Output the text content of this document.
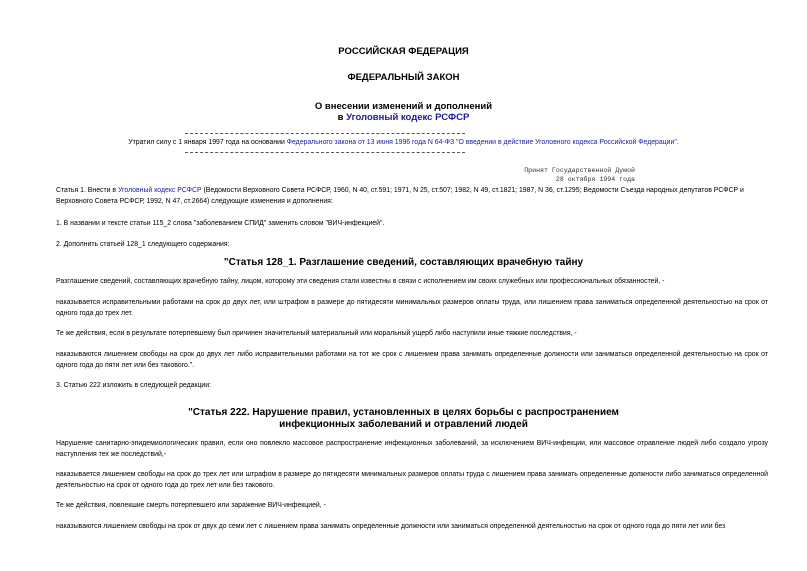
РОССИЙСКАЯ ФЕДЕРАЦИЯ
ФЕДЕРАЛЬНЫЙ ЗАКОН
О внесении изменений и дополнений
в Уголовный кодекс РСФСР
Утратил силу с 1 января 1997 года на основании Федерального закона от 13 июня 1996 года N 64-ФЗ "О введении в действие Уголовного кодекса Российской Федерации".
Принят Государственной Думой
28 октября 1994 года
Статья 1. Внести в Уголовный кодекс РСФСР (Ведомости Верховного Совета РСФСР, 1960, N 40, ст.591; 1971, N 25, ст.507; 1982, N 49, ст.1821; 1987, N 36, ст.1295; Ведомости Съезда народных депутатов РСФСР и Верховного Совета РСФСР, 1992, N 47, ст.2664) следующие изменения и дополнения:
1. В названии и тексте статьи 115_2 слова "заболеванием СПИД" заменить словом "ВИЧ-инфекцией".
2. Дополнить статьей 128_1 следующего содержания:
"Статья 128_1. Разглашение сведений, составляющих врачебную тайну
Разглашение сведений, составляющих врачебную тайну, лицом, которому эти сведения стали известны в связи с исполнением им своих служебных или профессиональных обязанностей, -
наказывается исправительными работами на срок до двух лет, или штрафом в размере до пятидесяти минимальных размеров оплаты труда, или лишением права заниматься определенной деятельностью на срок от одного года до трех лет.
Те же действия, если в результате потерпевшему был причинен значительный материальный или моральный ущерб либо наступили иные тяжкие последствия, -
наказываются лишением свободы на срок до двух лет либо исправительными работами на тот же срок с лишением права занимать определенные должности или заниматься определенной деятельностью на срок от одного года до пяти лет или без такового.".
3. Статью 222 изложить в следующей редакции:
"Статья 222. Нарушение правил, установленных в целях борьбы с распространением
инфекционных заболеваний и отравлений людей
Нарушение санитарно-эпидемиологических правил, если оно повлекло массовое распространение инфекционных заболеваний, за исключением ВИЧ-инфекции, или массовое отравление людей либо создало угрозу наступления тех же последствий,-
наказывается лишением свободы на срок до трех лет или штрафом в размере до пятидесяти минимальных размеров оплаты труда с лишением права занимать определенные должности либо заниматься определенной деятельностью на срок от одного года до трех лет или без такового.
Те же действия, повлекшие смерть потерпевшего или заражение ВИЧ-инфекцией, -
наказываются лишением свободы на срок от двух до семи лет с лишением права занимать определенные должности или заниматься определенной деятельностью на срок от одного года до пяти лет или без
